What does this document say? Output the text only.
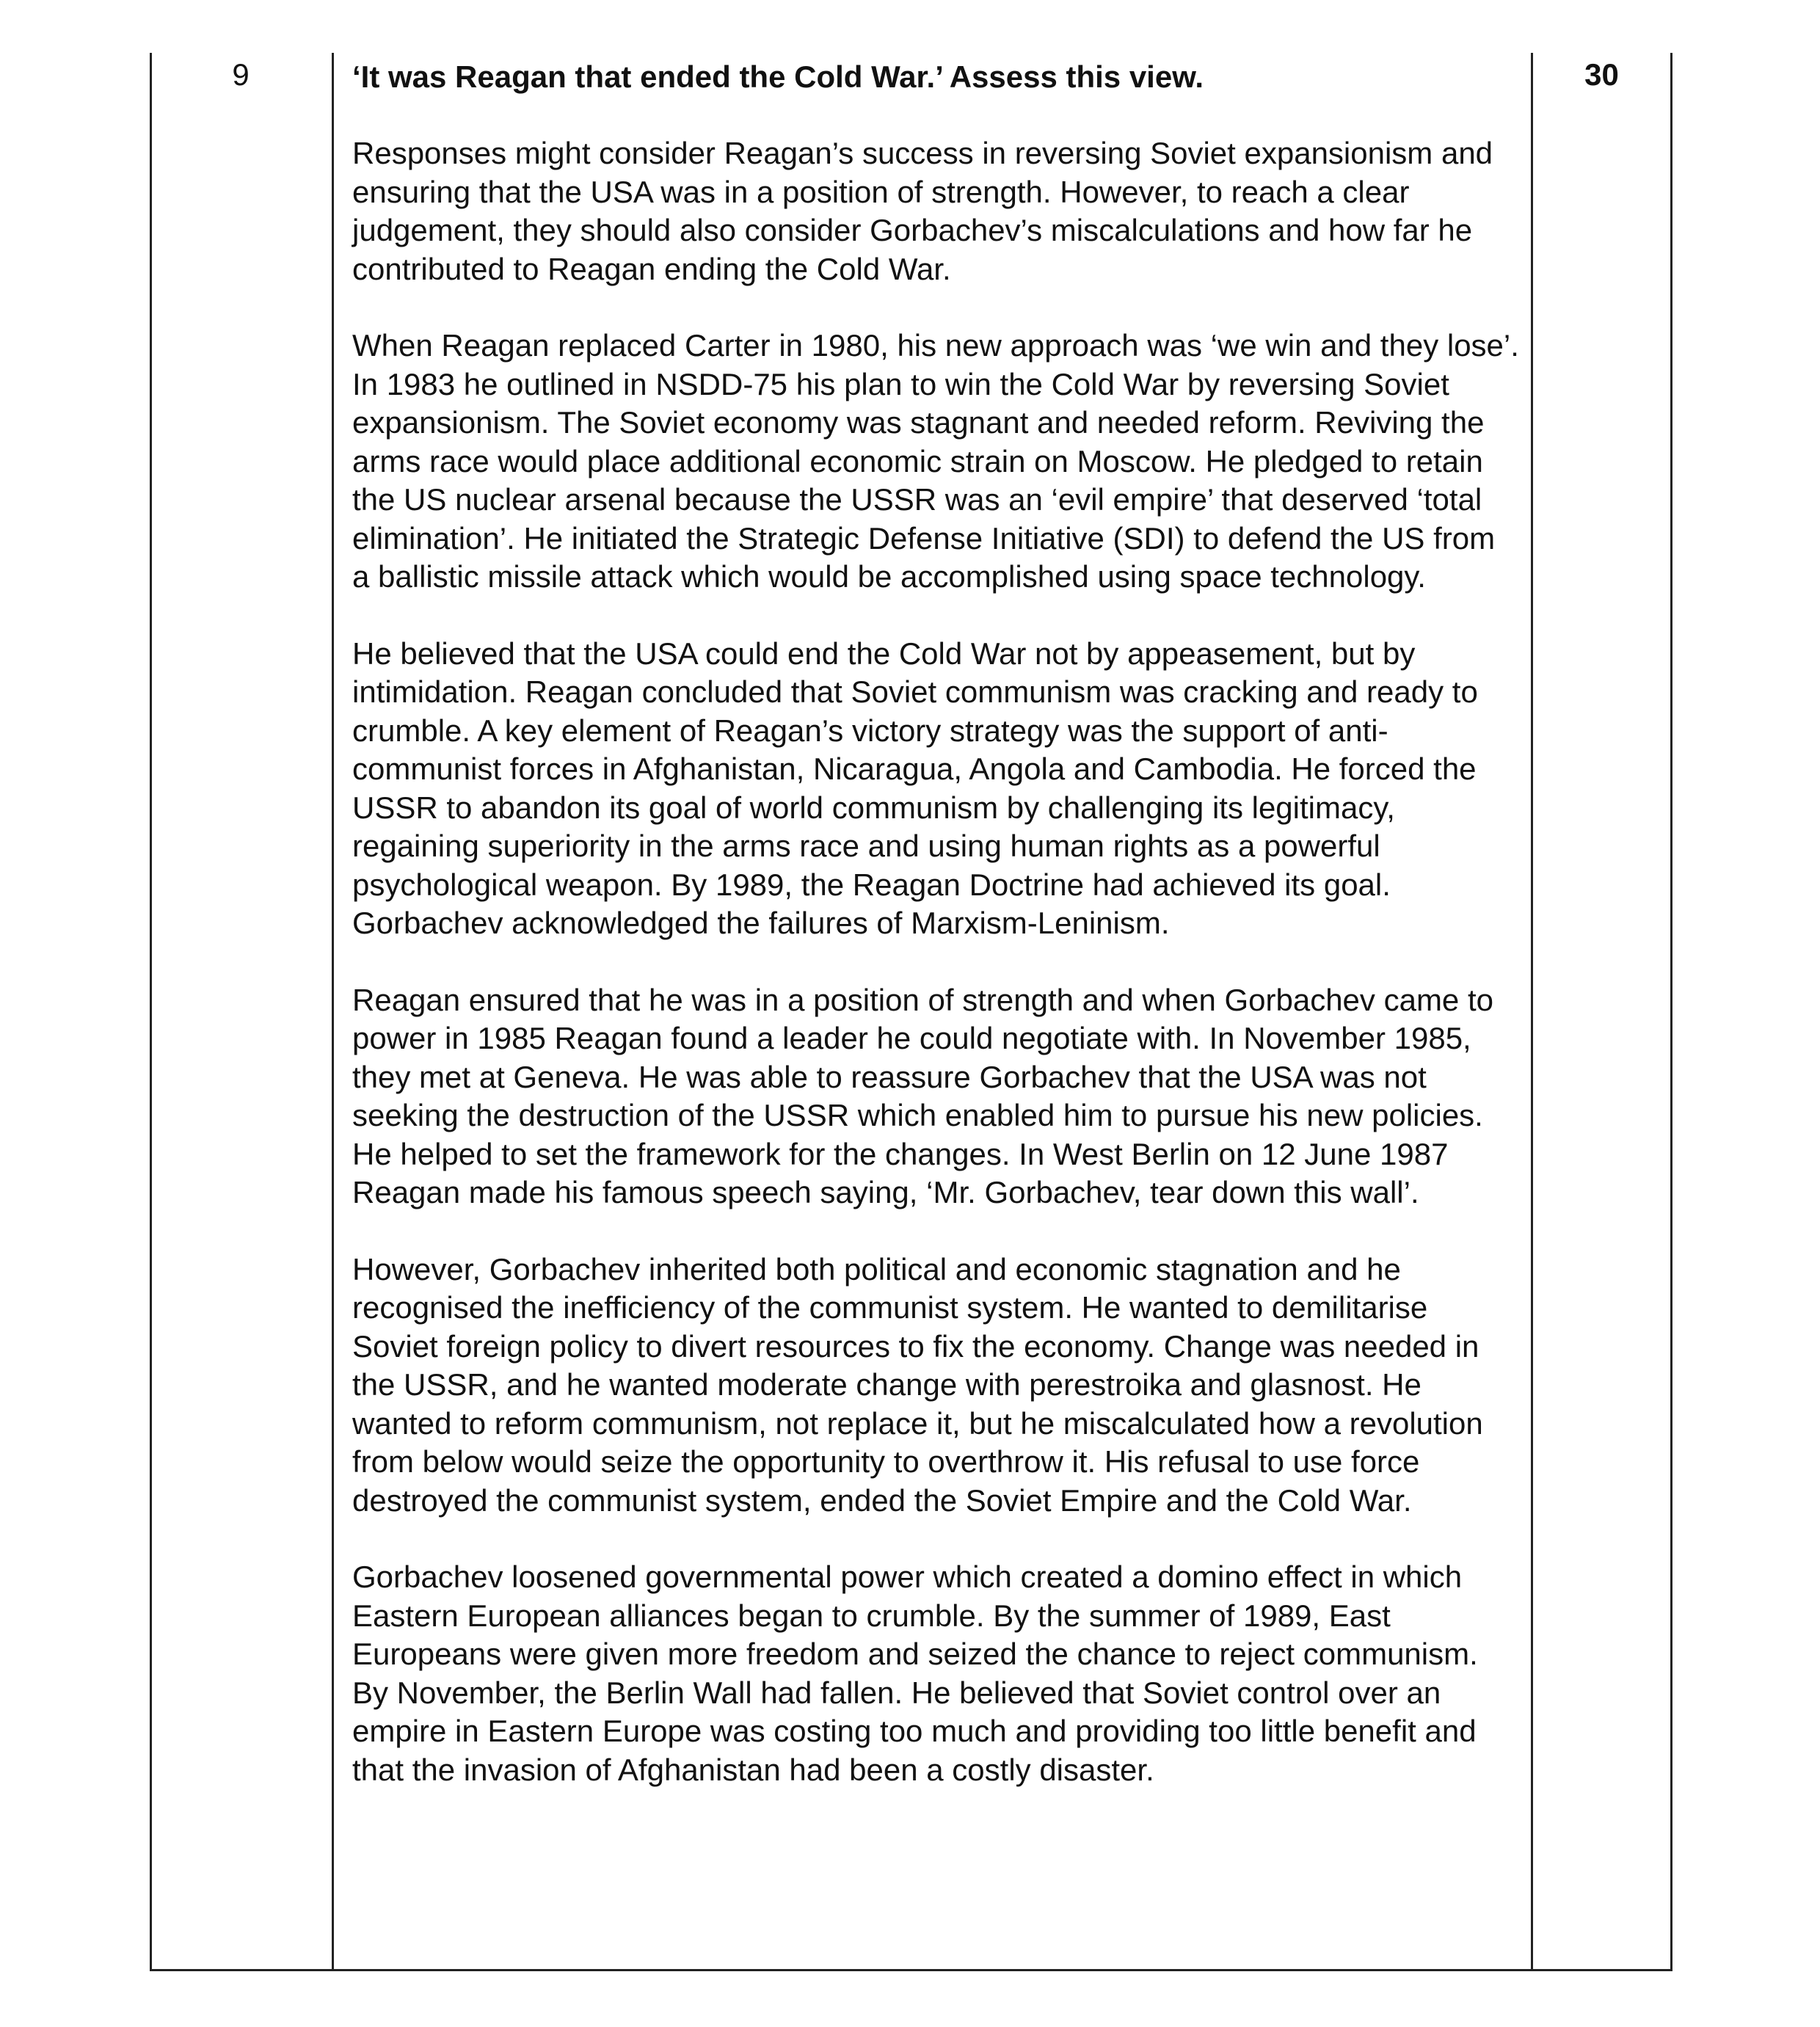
9	‘It was Reagan that ended the Cold War.’ Assess this view.

Responses might consider Reagan’s success in reversing Soviet expansionism and ensuring that the USA was in a position of strength. However, to reach a clear judgement, they should also consider Gorbachev’s miscalculations and how far he contributed to Reagan ending the Cold War.

When Reagan replaced Carter in 1980, his new approach was ‘we win and they lose’. In 1983 he outlined in NSDD-75 his plan to win the Cold War by reversing Soviet expansionism. The Soviet economy was stagnant and needed reform. Reviving the arms race would place additional economic strain on Moscow. He pledged to retain the US nuclear arsenal because the USSR was an ‘evil empire’ that deserved ‘total elimination’. He initiated the Strategic Defense Initiative (SDI) to defend the US from a ballistic missile attack which would be accomplished using space technology.

He believed that the USA could end the Cold War not by appeasement, but by intimidation. Reagan concluded that Soviet communism was cracking and ready to crumble. A key element of Reagan’s victory strategy was the support of anti-communist forces in Afghanistan, Nicaragua, Angola and Cambodia. He forced the USSR to abandon its goal of world communism by challenging its legitimacy, regaining superiority in the arms race and using human rights as a powerful psychological weapon. By 1989, the Reagan Doctrine had achieved its goal. Gorbachev acknowledged the failures of Marxism-Leninism.

Reagan ensured that he was in a position of strength and when Gorbachev came to power in 1985 Reagan found a leader he could negotiate with. In November 1985, they met at Geneva. He was able to reassure Gorbachev that the USA was not seeking the destruction of the USSR which enabled him to pursue his new policies. He helped to set the framework for the changes. In West Berlin on 12 June 1987 Reagan made his famous speech saying, ‘Mr. Gorbachev, tear down this wall’.

However, Gorbachev inherited both political and economic stagnation and he recognised the inefficiency of the communist system. He wanted to demilitarise Soviet foreign policy to divert resources to fix the economy. Change was needed in the USSR, and he wanted moderate change with perestroika and glasnost. He wanted to reform communism, not replace it, but he miscalculated how a revolution from below would seize the opportunity to overthrow it. His refusal to use force destroyed the communist system, ended the Soviet Empire and the Cold War.

Gorbachev loosened governmental power which created a domino effect in which Eastern European alliances began to crumble. By the summer of 1989, East Europeans were given more freedom and seized the chance to reject communism. By November, the Berlin Wall had fallen. He believed that Soviet control over an empire in Eastern Europe was costing too much and providing too little benefit and that the invasion of Afghanistan had been a costly disaster.

30
